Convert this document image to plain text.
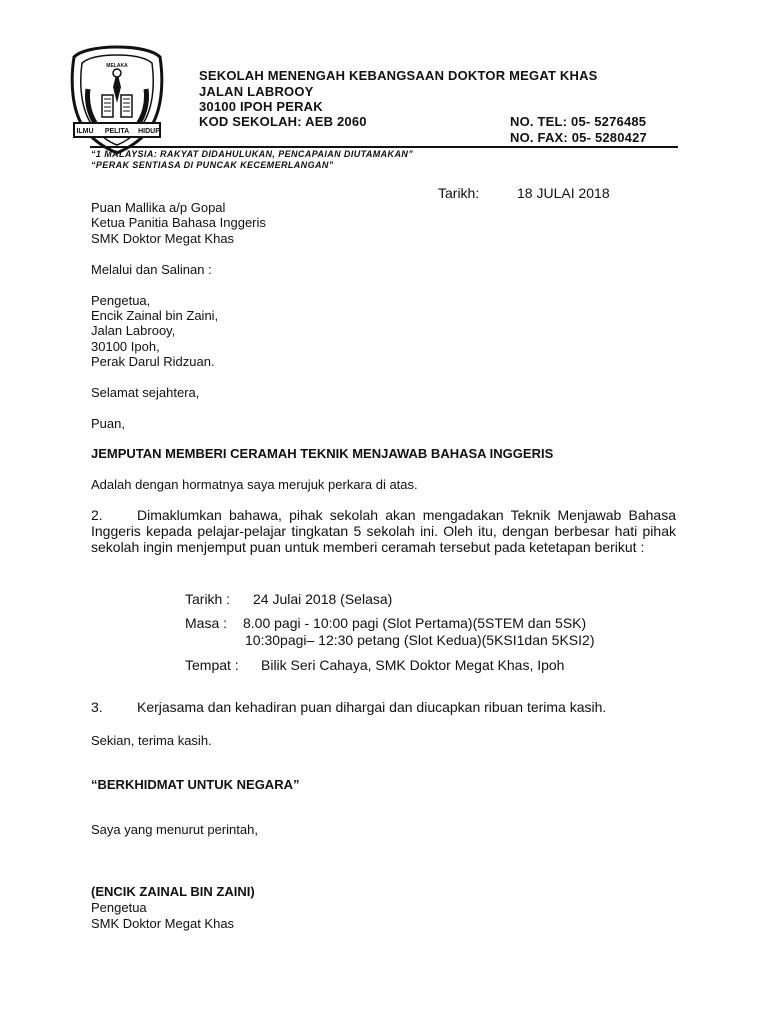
MELAKA
ILMU PELITA HIDUP
SEKOLAH MENENGAH KEBANGSAAN DOKTOR MEGAT KHAS
JALAN LABROOY
30100 IPOH PERAK
KOD SEKOLAH: AEB 2060	NO. TEL: 05- 5276485
NO. FAX: 05- 5280427
“1 MALAYSIA: RAKYAT DIDAHULUKAN, PENCAPAIAN DIUTAMAKAN”
“PERAK SENTIASA DI PUNCAK KECEMERLANGAN”
Tarikh:	18 JULAI 2018
Puan Mallika a/p Gopal
Ketua Panitia Bahasa Inggeris
SMK Doktor Megat Khas
Melalui dan Salinan :
Pengetua,
Encik Zainal bin Zaini,
Jalan Labrooy,
30100 Ipoh,
Perak Darul Ridzuan.
Selamat sejahtera,
Puan,
JEMPUTAN MEMBERI CERAMAH TEKNIK MENJAWAB BAHASA INGGERIS
Adalah dengan hormatnya saya merujuk perkara di atas.
2. Dimaklumkan bahawa, pihak sekolah akan mengadakan Teknik Menjawab Bahasa Inggeris kepada pelajar-pelajar tingkatan 5 sekolah ini. Oleh itu, dengan berbesar hati pihak sekolah ingin menjemput puan untuk memberi ceramah tersebut pada ketetapan berikut :
Tarikh : 24 Julai 2018 (Selasa)
Masa : 8.00 pagi - 10:00 pagi (Slot Pertama)(5STEM dan 5SK)
10:30pagi– 12:30 petang (Slot Kedua)(5KSI1dan 5KSI2)
Tempat : Bilik Seri Cahaya, SMK Doktor Megat Khas, Ipoh
3. Kerjasama dan kehadiran puan dihargai dan diucapkan ribuan terima kasih.
Sekian, terima kasih.
“BERKHIDMAT UNTUK NEGARA”
Saya yang menurut perintah,
(ENCIK ZAINAL BIN ZAINI)
Pengetua
SMK Doktor Megat Khas
